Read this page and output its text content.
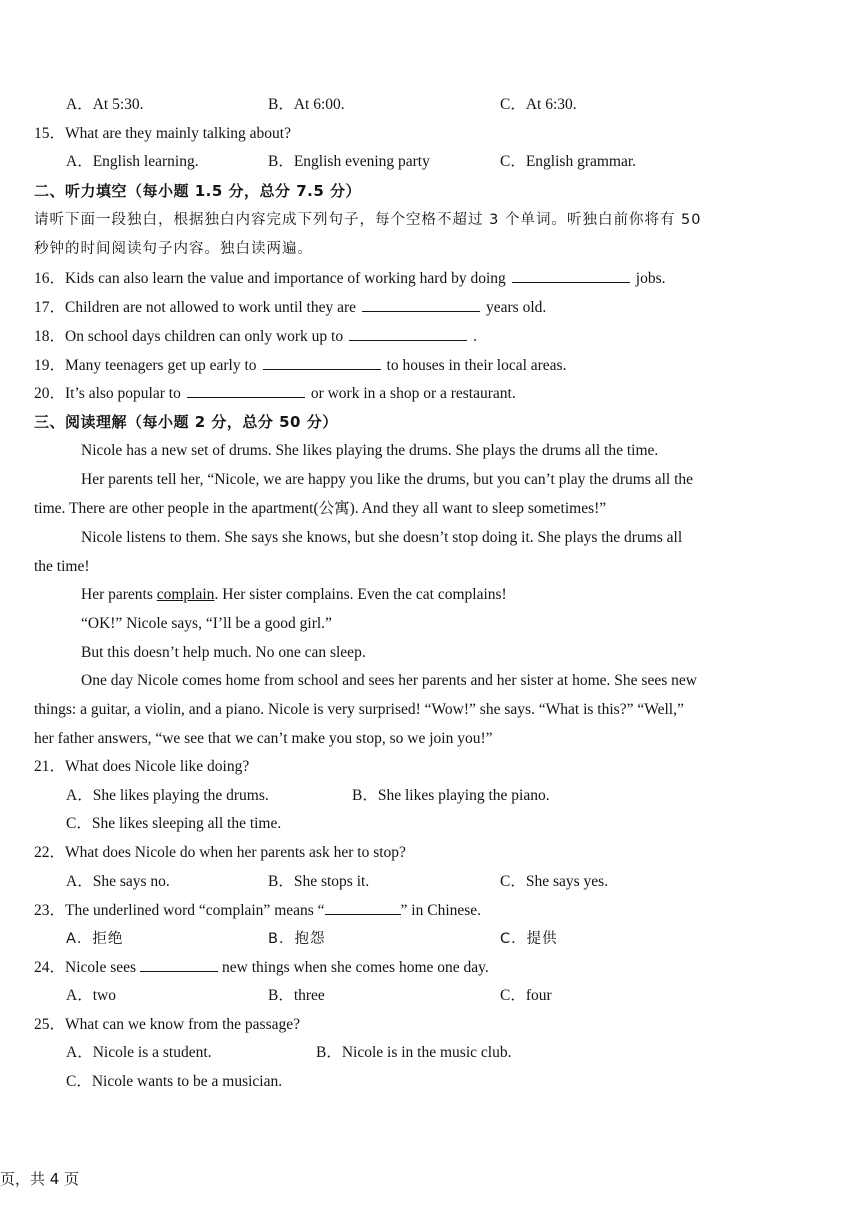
A．At 5:30.	B．At 6:00.	C．At 6:30.
15．What are they mainly talking about?
A．English learning.	B．English evening party	C．English grammar.
二、听力填空（每小题 1.5 分，总分 7.5 分）
请听下面一段独白，根据独白内容完成下列句子，每个空格不超过 3 个单词。听独白前你将有 50
秒钟的时间阅读句子内容。独白读两遍。
16．Kids can also learn the value and importance of working hard by doing	jobs.
17．Children are not allowed to work until they are	years old.
18．On school days children can only work up to	.
19．Many teenagers get up early to	to houses in their local areas.
20．It’s also popular to	or work in a shop or a restaurant.
三、阅读理解（每小题 2 分，总分 50 分）
Nicole has a new set of drums. She likes playing the drums. She plays the drums all the time.
Her parents tell her, “Nicole, we are happy you like the drums, but you can’t play the drums all the
time. There are other people in the apartment(公寓). And they all want to sleep sometimes!”
Nicole listens to them. She says she knows, but she doesn’t stop doing it. She plays the drums all
the time!
Her parents complain. Her sister complains. Even the cat complains!
“OK!” Nicole says, “I’ll be a good girl.”
But this doesn’t help much. No one can sleep.
One day Nicole comes home from school and sees her parents and her sister at home. She sees new
things: a guitar, a violin, and a piano. Nicole is very surprised! “Wow!” she says. “What is this?” “Well,”
her father answers, “we see that we can’t make you stop, so we join you!”
21．What does Nicole like doing?
A．She likes playing the drums.	B．She likes playing the piano.
C．She likes sleeping all the time.
22．What does Nicole do when her parents ask her to stop?
A．She says no.	B．She stops it.	C．She says yes.
23．The underlined word “complain” means “	” in Chinese.
A．拒绝	B．抱怨	C．提供
24．Nicole sees	new things when she comes home one day.
A．two	B．three	C．four
25．What can we know from the passage?
A．Nicole is a student.	B．Nicole is in the music club.
C．Nicole wants to be a musician.
页，共 4 页
